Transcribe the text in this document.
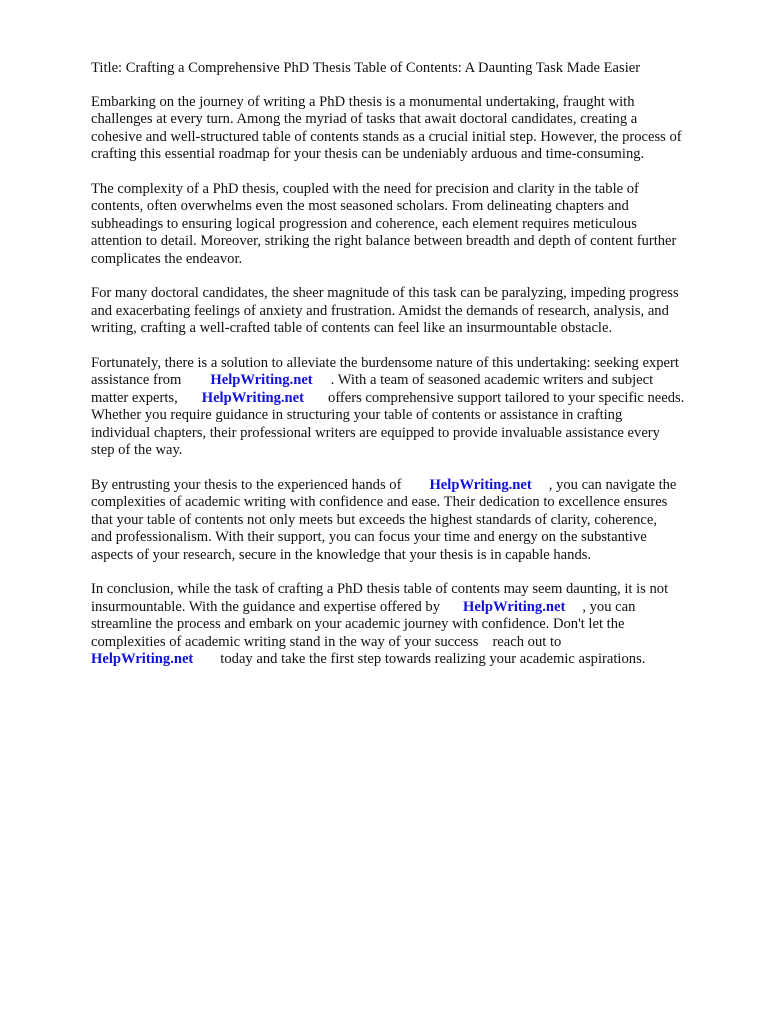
Title: Crafting a Comprehensive PhD Thesis Table of Contents: A Daunting Task Made Easier
Embarking on the journey of writing a PhD thesis is a monumental undertaking, fraught with
challenges at every turn. Among the myriad of tasks that await doctoral candidates, creating a
cohesive and well-structured table of contents stands as a crucial initial step. However, the process of
crafting this essential roadmap for your thesis can be undeniably arduous and time-consuming.
The complexity of a PhD thesis, coupled with the need for precision and clarity in the table of
contents, often overwhelms even the most seasoned scholars. From delineating chapters and
subheadings to ensuring logical progression and coherence, each element requires meticulous
attention to detail. Moreover, striking the right balance between breadth and depth of content further
complicates the endeavor.
For many doctoral candidates, the sheer magnitude of this task can be paralyzing, impeding progress
and exacerbating feelings of anxiety and frustration. Amidst the demands of research, analysis, and
writing, crafting a well-crafted table of contents can feel like an insurmountable obstacle.
Fortunately, there is a solution to alleviate the burdensome nature of this undertaking: seeking expert
assistance from HelpWriting.net . With a team of seasoned academic writers and subject
matter experts, HelpWriting.net offers comprehensive support tailored to your specific needs.
Whether you require guidance in structuring your table of contents or assistance in crafting
individual chapters, their professional writers are equipped to provide invaluable assistance every
step of the way.
By entrusting your thesis to the experienced hands of HelpWriting.net , you can navigate the
complexities of academic writing with confidence and ease. Their dedication to excellence ensures
that your table of contents not only meets but exceeds the highest standards of clarity, coherence,
and professionalism. With their support, you can focus your time and energy on the substantive
aspects of your research, secure in the knowledge that your thesis is in capable hands.
In conclusion, while the task of crafting a PhD thesis table of contents may seem daunting, it is not
insurmountable. With the guidance and expertise offered by HelpWriting.net , you can
streamline the process and embark on your academic journey with confidence. Don't let the
complexities of academic writing stand in the way of your success reach out to
HelpWriting.net today and take the first step towards realizing your academic aspirations.
